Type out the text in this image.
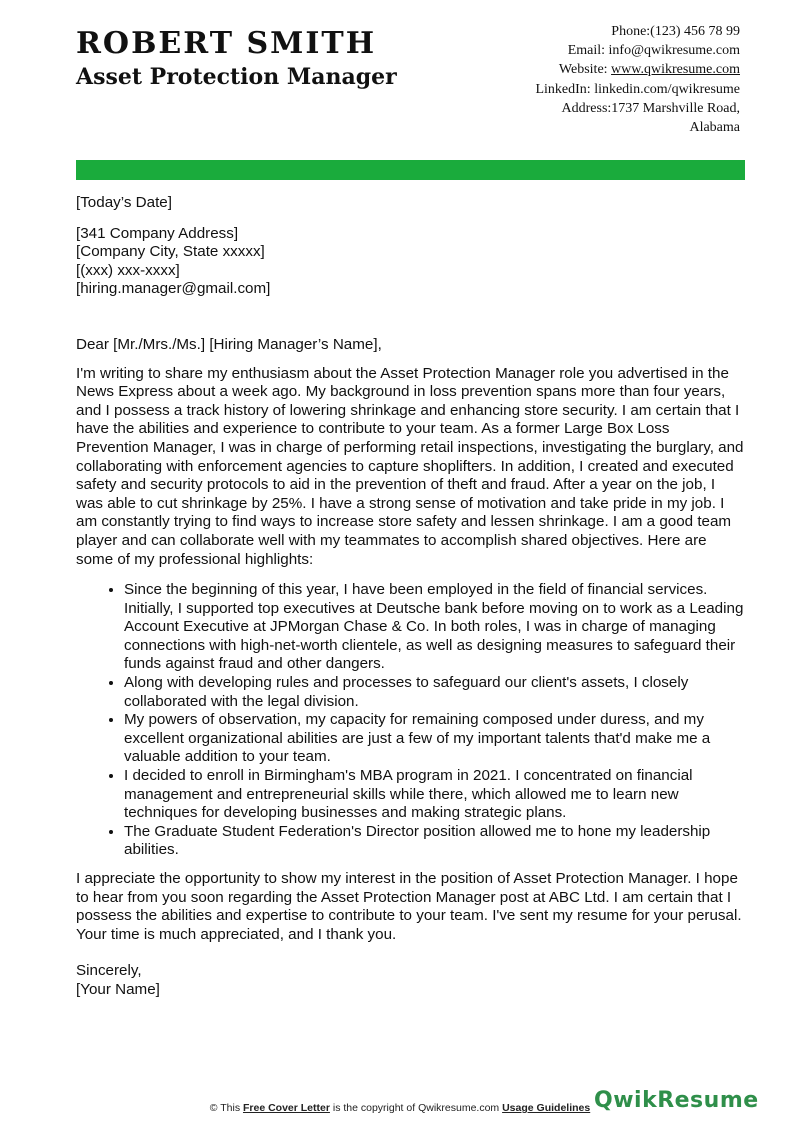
ROBERT SMITH
Asset Protection Manager
Phone:(123) 456 78 99
Email: info@qwikresume.com
Website: www.qwikresume.com
LinkedIn: linkedin.com/qwikresume
Address:1737 Marshville Road,
Alabama

[Today’s Date]

[341 Company Address]
[Company City, State xxxxx]
[(xxx) xxx-xxxx]
[hiring.manager@gmail.com]

Dear [Mr./Mrs./Ms.] [Hiring Manager’s Name],

I'm writing to share my enthusiasm about the Asset Protection Manager role you advertised in the News Express about a week ago. My background in loss prevention spans more than four years, and I possess a track history of lowering shrinkage and enhancing store security. I am certain that I have the abilities and experience to contribute to your team. As a former Large Box Loss Prevention Manager, I was in charge of performing retail inspections, investigating the burglary, and collaborating with enforcement agencies to capture shoplifters. In addition, I created and executed safety and security protocols to aid in the prevention of theft and fraud. After a year on the job, I was able to cut shrinkage by 25%. I have a strong sense of motivation and take pride in my job. I am constantly trying to find ways to increase store safety and lessen shrinkage. I am a good team player and can collaborate well with my teammates to accomplish shared objectives. Here are some of my professional highlights:

• Since the beginning of this year, I have been employed in the field of financial services. Initially, I supported top executives at Deutsche bank before moving on to work as a Leading Account Executive at JPMorgan Chase & Co. In both roles, I was in charge of managing connections with high-net-worth clientele, as well as designing measures to safeguard their funds against fraud and other dangers.
• Along with developing rules and processes to safeguard our client's assets, I closely collaborated with the legal division.
• My powers of observation, my capacity for remaining composed under duress, and my excellent organizational abilities are just a few of my important talents that'd make me a valuable addition to your team.
• I decided to enroll in Birmingham's MBA program in 2021. I concentrated on financial management and entrepreneurial skills while there, which allowed me to learn new techniques for developing businesses and making strategic plans.
• The Graduate Student Federation's Director position allowed me to hone my leadership abilities.

I appreciate the opportunity to show my interest in the position of Asset Protection Manager. I hope to hear from you soon regarding the Asset Protection Manager post at ABC Ltd. I am certain that I possess the abilities and expertise to contribute to your team. I've sent my resume for your perusal. Your time is much appreciated, and I thank you.

Sincerely,
[Your Name]

QwikResume
© This Free Cover Letter is the copyright of Qwikresume.com Usage Guidelines
